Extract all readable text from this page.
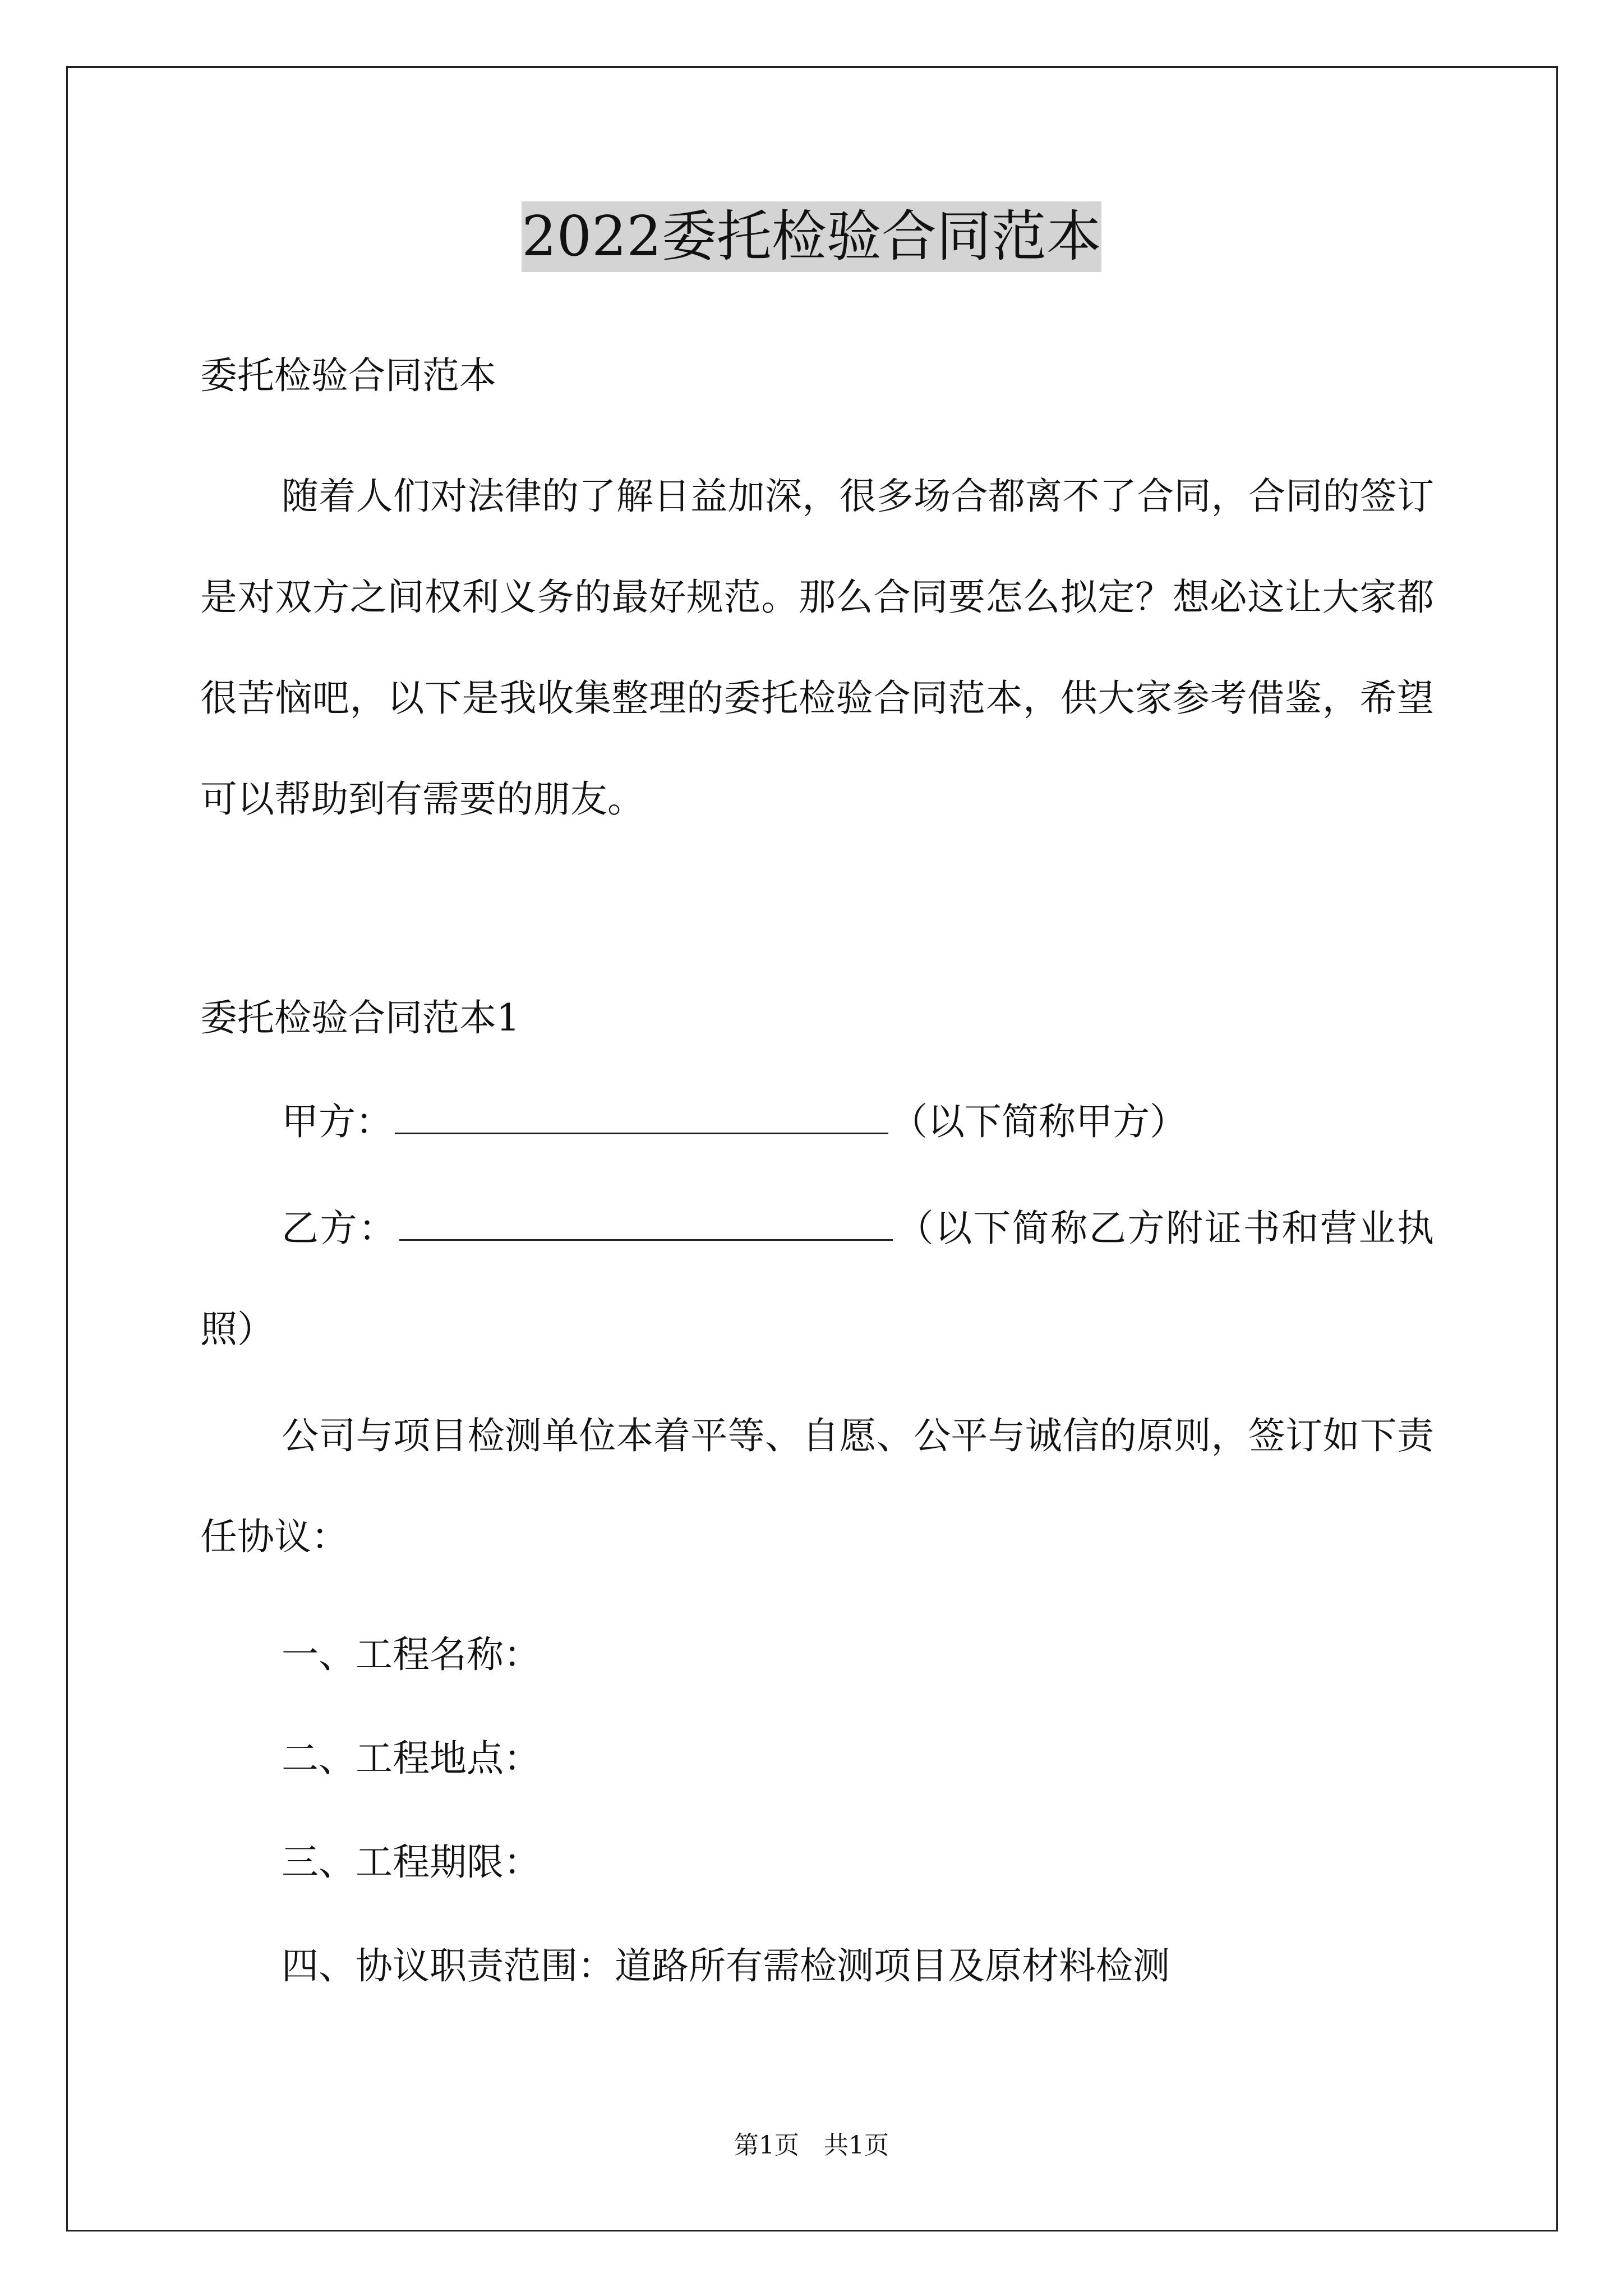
2022委托检验合同范本
委托检验合同范本
随着人们对法律的了解日益加深，很多场合都离不了合同，合同的签订是对双方之间权利义务的最好规范。那么合同要怎么拟定？想必这让大家都很苦恼吧，以下是我收集整理的委托检验合同范本，供大家参考借鉴，希望可以帮助到有需要的朋友。
委托检验合同范本1
甲方：	（以下简称甲方）
乙方：	（以下简称乙方附证书和营业执照）
公司与项目检测单位本着平等、自愿、公平与诚信的原则，签订如下责任协议：
一、工程名称：
二、工程地点：
三、工程期限：
四、协议职责范围：道路所有需检测项目及原材料检测
第1页　共1页
